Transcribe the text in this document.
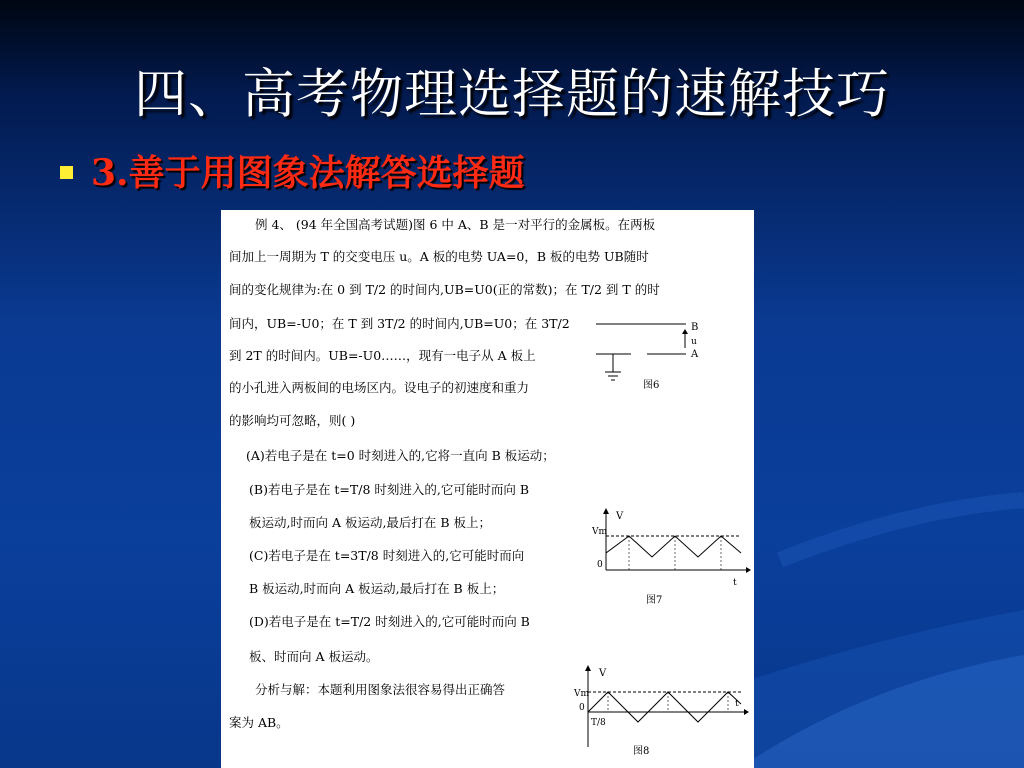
四、高考物理选择题的速解技巧
3.善于用图象法解答选择题
例 4、 (94 年全国高考试题)图 6 中 A、B 是一对平行的金属板。在两板
间加上一周期为 T 的交变电压 u。A 板的电势 UA=0，B 板的电势 UB随时
间的变化规律为:在 0 到 T/2 的时间内,UB=U0(正的常数)；在 T/2 到 T 的时
间内，UB=-U0；在 T 到 3T/2 的时间内,UB=U0；在 3T/2
到 2T 的时间内。UB=-U0……，现有一电子从 A 板上
的小孔进入两板间的电场区内。设电子的初速度和重力
的影响均可忽略，则( )
(A)若电子是在 t=0 时刻进入的,它将一直向 B 板运动；
(B)若电子是在 t=T/8 时刻进入的,它可能时而向 B
板运动,时而向 A 板运动,最后打在 B 板上；
(C)若电子是在 t=3T/8 时刻进入的,它可能时而向
B 板运动,时而向 A 板运动,最后打在 B 板上；
(D)若电子是在 t=T/2 时刻进入的,它可能时而向 B
板、时而向 A 板运动。
分析与解：本题利用图象法很容易得出正确答
案为 AB。
B
u
A
图6
V
Vm
0
t
图7
V
Vm
0
T/8
t
图8
